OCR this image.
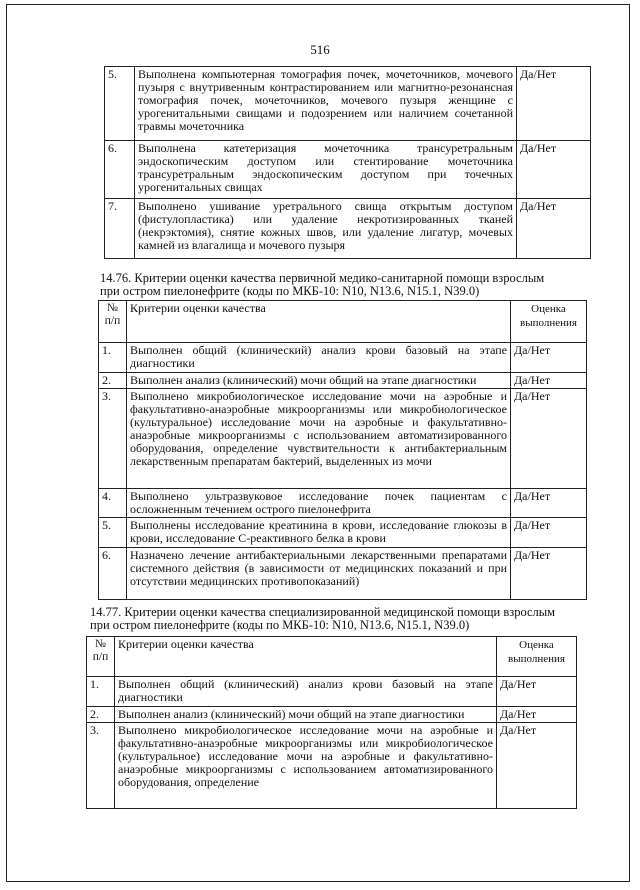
516
5.	Выполнена компьютерная томография почек, мочеточников, мочевого пузыря с внутривенным контрастированием или магнитно-резонансная томография почек, мочеточников, мочевого пузыря женщине с урогенитальными свищами и подозрением или наличием сочетанной травмы мочеточника	Да/Нет
6.	Выполнена катетеризация мочеточника трансуретральным эндоскопическим доступом или стентирование мочеточника трансуретральным эндоскопическим доступом при точечных урогенитальных свищах	Да/Нет
7.	Выполнено ушивание уретрального свища открытым доступом (фистулопластика) или удаление некротизированных тканей (некрэктомия), снятие кожных швов, или удаление лигатур, мочевых камней из влагалища и мочевого пузыря	Да/Нет
14.76. Критерии оценки качества первичной медико-санитарной помощи взрослым
при остром пиелонефрите (коды по МКБ-10: N10, N13.6, N15.1, N39.0)
№ п/п	Критерии оценки качества	Оценка выполнения
1.	Выполнен общий (клинический) анализ крови базовый на этапе диагностики	Да/Нет
2.	Выполнен анализ (клинический) мочи общий на этапе диагностики	Да/Нет
3.	Выполнено микробиологическое исследование мочи на аэробные и факультативно-анаэробные микроорганизмы или микробиологическое (культуральное) исследование мочи на аэробные и факультативно-анаэробные микроорганизмы с использованием автоматизированного оборудования, определение чувствительности к антибактериальным лекарственным препаратам бактерий, выделенных из мочи	Да/Нет
4.	Выполнено ультразвуковое исследование почек пациентам с осложненным течением острого пиелонефрита	Да/Нет
5.	Выполнены исследование креатинина в крови, исследование глюкозы в крови, исследование С-реактивного белка в крови	Да/Нет
6.	Назначено лечение антибактериальными лекарственными препаратами системного действия (в зависимости от медицинских показаний и при отсутствии медицинских противопоказаний)	Да/Нет
14.77. Критерии оценки качества специализированной медицинской помощи взрослым
при остром пиелонефрите (коды по МКБ-10: N10, N13.6, N15.1, N39.0)
№ п/п	Критерии оценки качества	Оценка выполнения
1.	Выполнен общий (клинический) анализ крови базовый на этапе диагностики	Да/Нет
2.	Выполнен анализ (клинический) мочи общий на этапе диагностики	Да/Нет
3.	Выполнено микробиологическое исследование мочи на аэробные и факультативно-анаэробные микроорганизмы или микробиологическое (культуральное) исследование мочи на аэробные и факультативно-анаэробные микроорганизмы с использованием автоматизированного оборудования, определение	Да/Нет
